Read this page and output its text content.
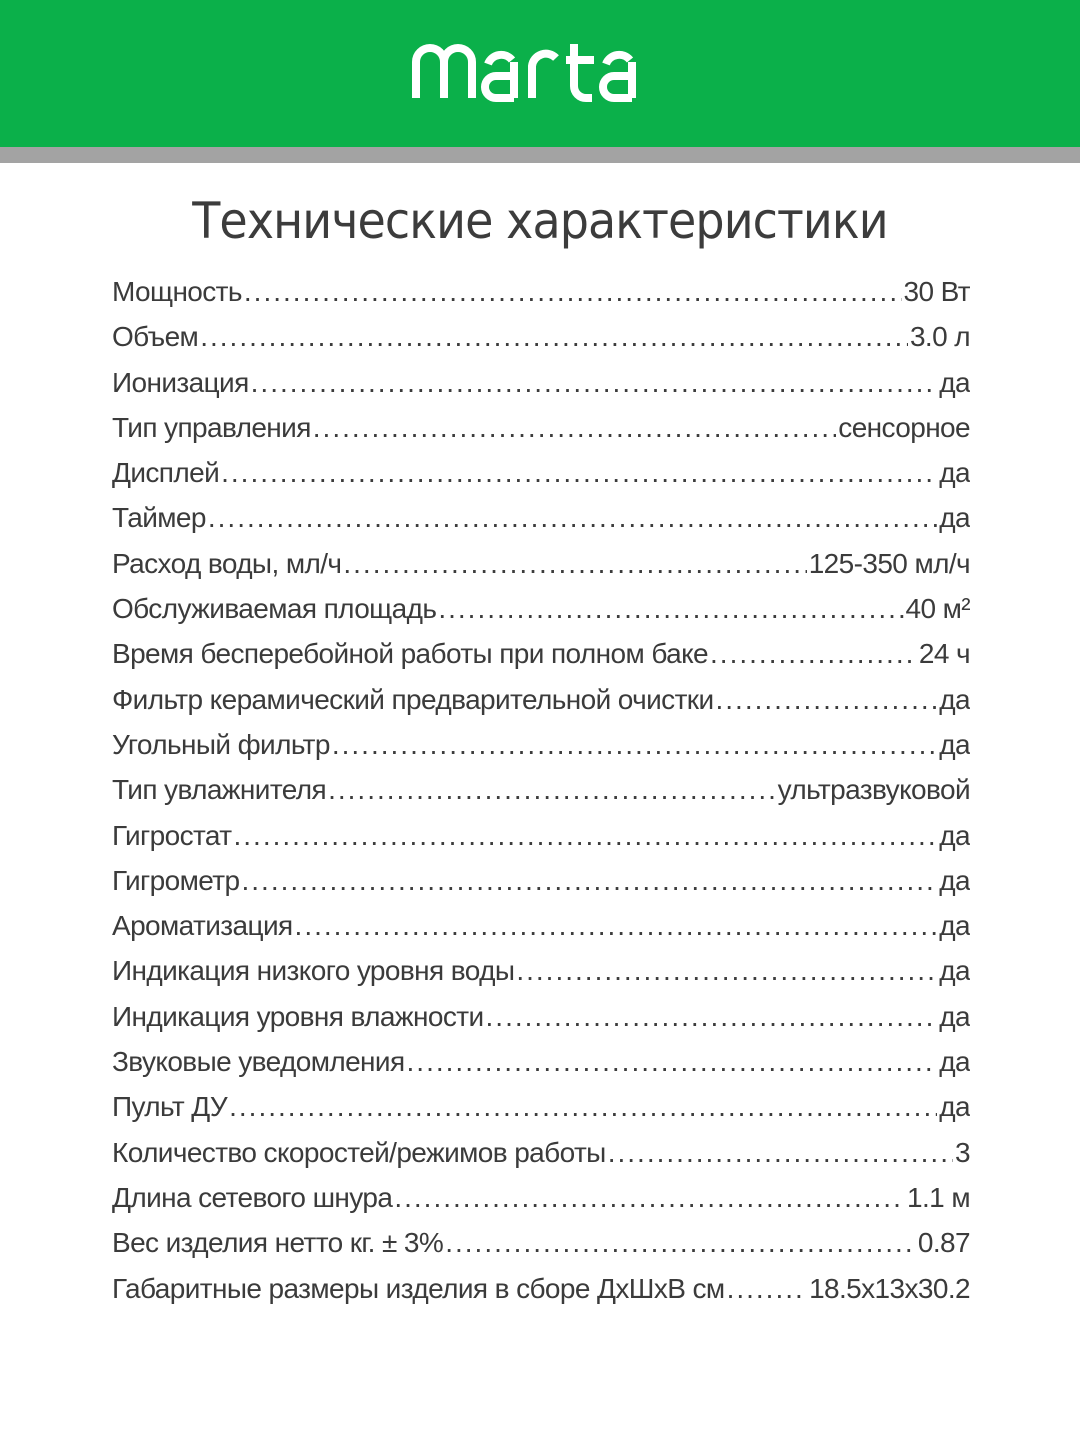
Технические характеристики
Мощность .....	30 Вт
Объем .....	3.0 л
Ионизация .....	да
Тип управления .....	сенсорное
Дисплей .....	да
Таймер .....	да
Расход воды, мл/ч .....	125-350 мл/ч
Обслуживаемая площадь .....	40 м²
Время бесперебойной работы при полном баке .....	24 ч
Фильтр керамический предварительной очистки .....	да
Угольный фильтр .....	да
Тип увлажнителя .....	ультразвуковой
Гигростат .....	да
Гигрометр .....	да
Ароматизация .....	да
Индикация низкого уровня воды .....	да
Индикация уровня влажности .....	да
Звуковые уведомления .....	да
Пульт ДУ .....	да
Количество скоростей/режимов работы .....	3
Длина сетевого шнура .....	1.1 м
Вес изделия нетто кг. ± 3% .....	0.87
Габаритные размеры изделия в сборе ДхШхВ см .....	18.5x13x30.2
